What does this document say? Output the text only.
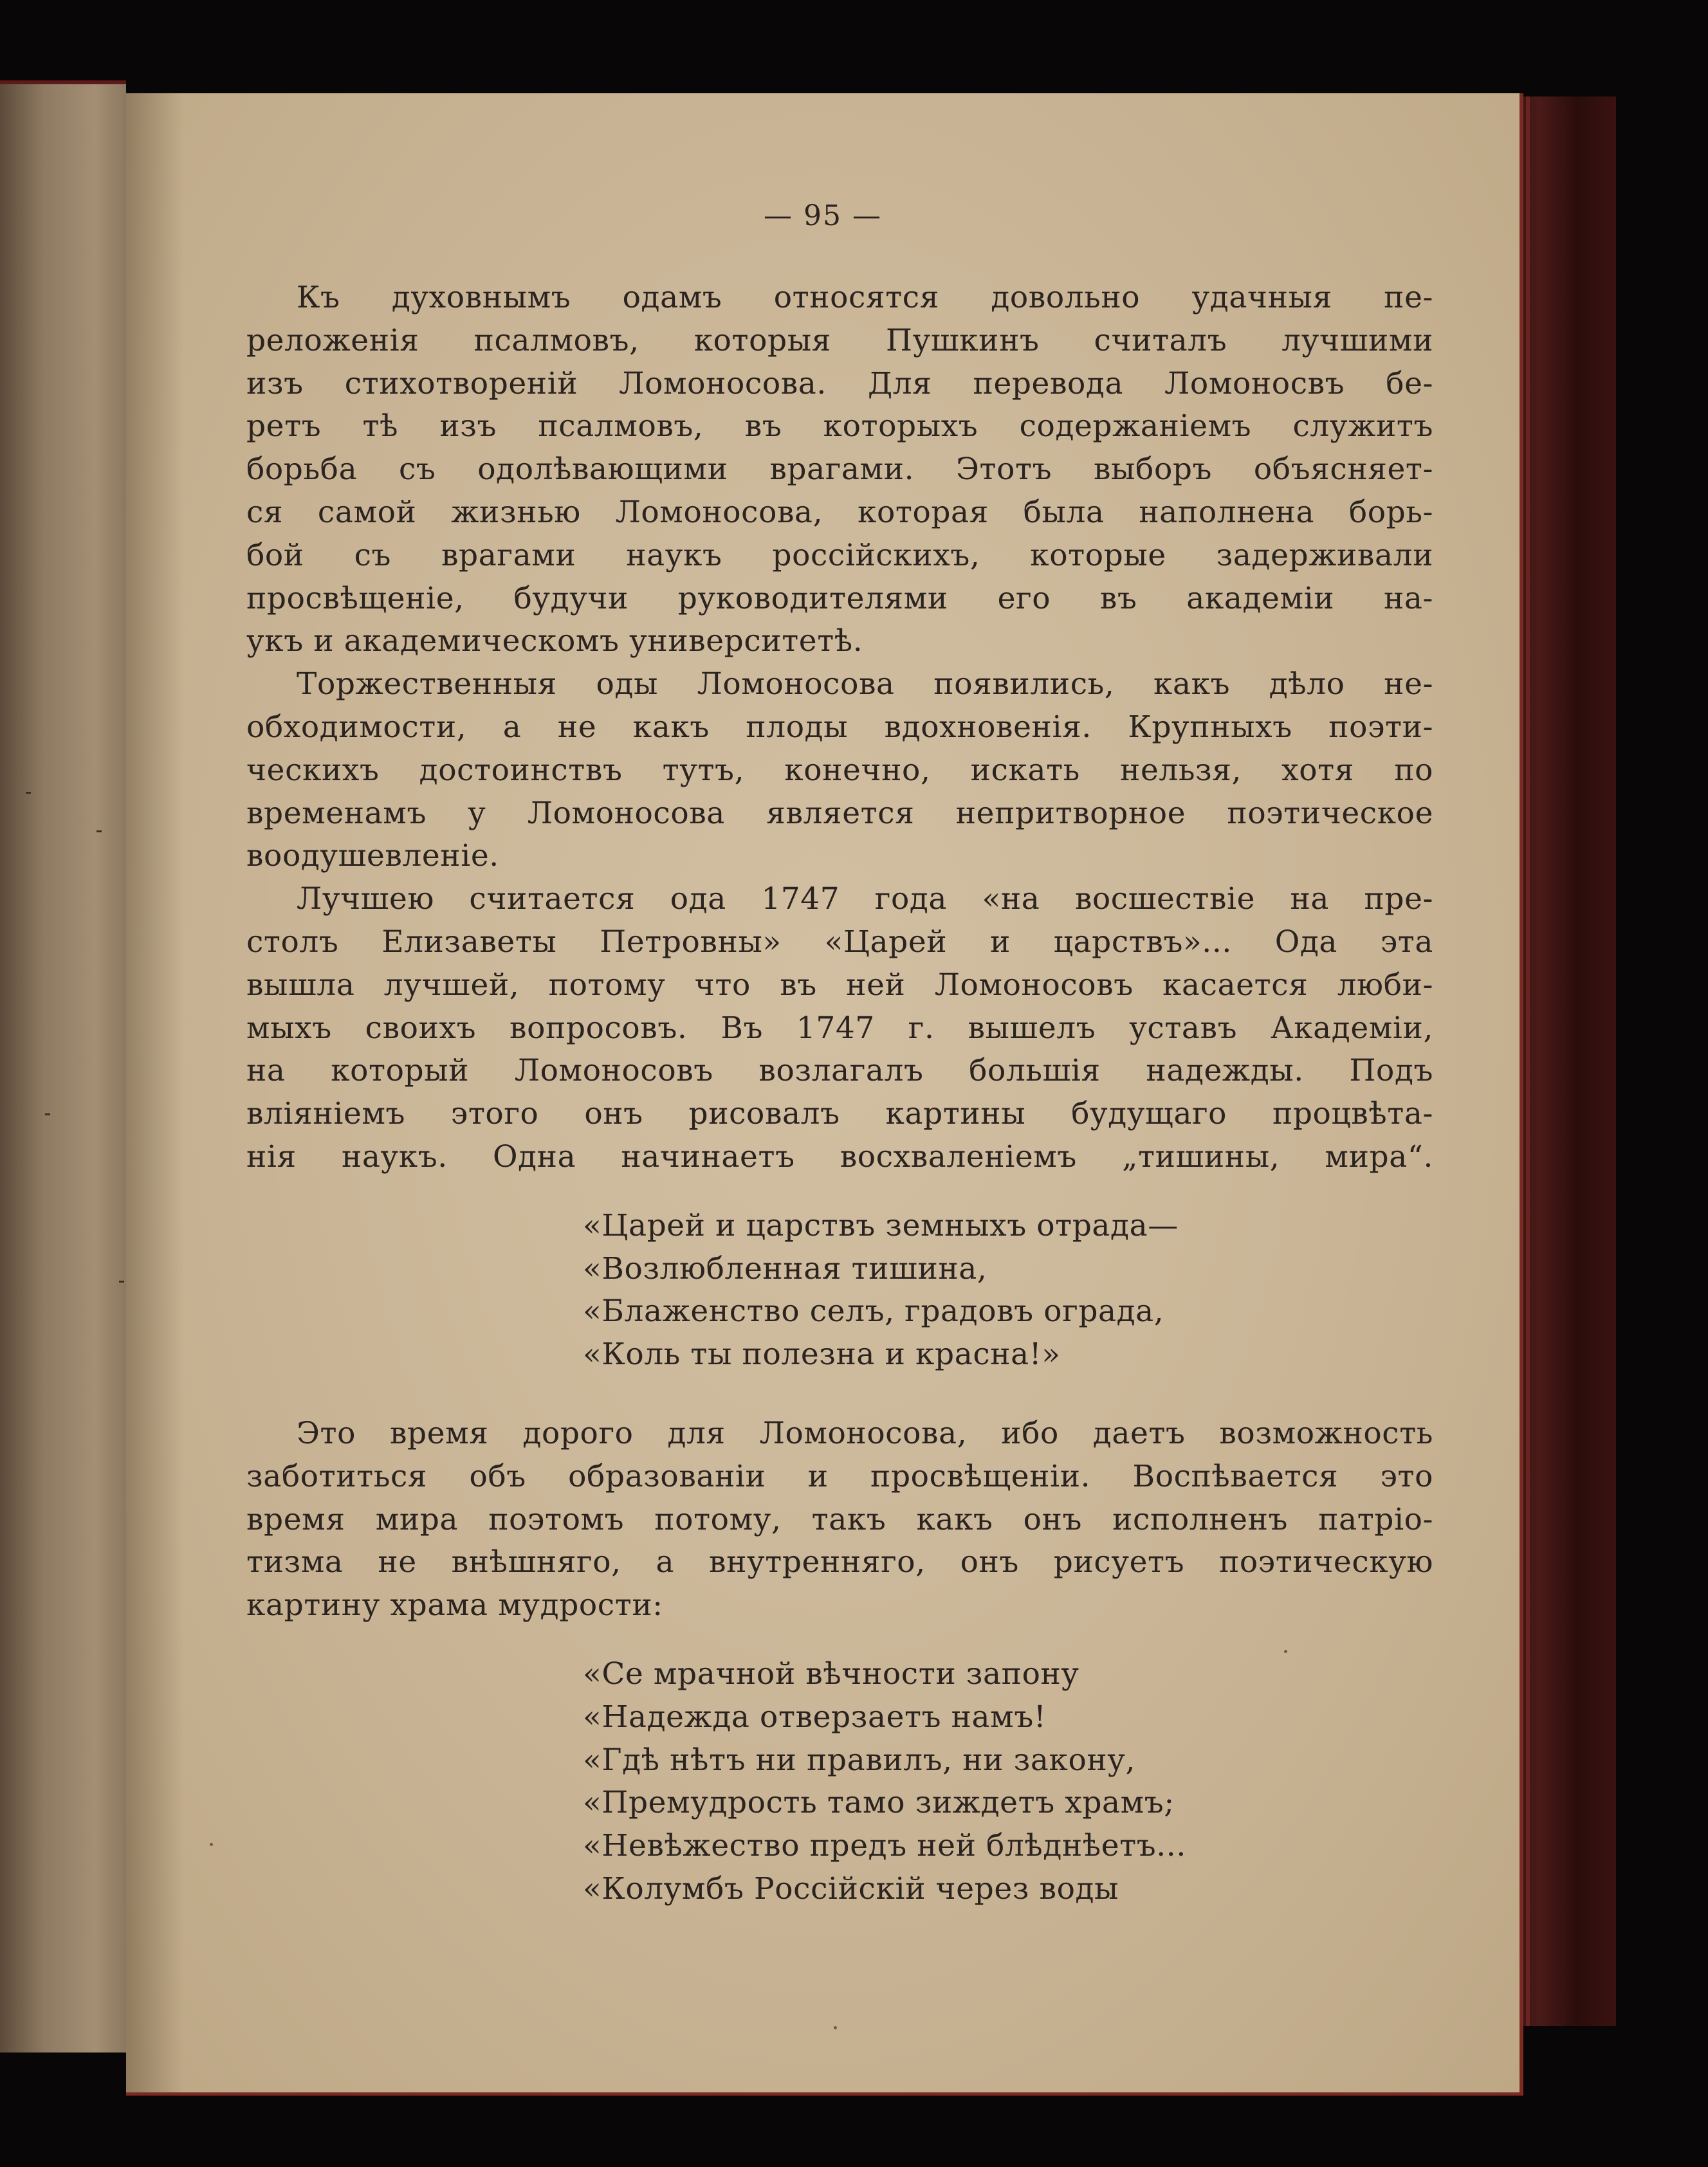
— 95 —
Къ духовнымъ одамъ относятся довольно удачныя пе-
реложенія псалмовъ, которыя Пушкинъ считалъ лучшими
изъ стихотвореній Ломоносова. Для перевода Ломоносвъ бе-
ретъ тѣ изъ псалмовъ, въ которыхъ содержаніемъ служитъ
борьба съ одолѣвающими врагами. Этотъ выборъ объясняет-
ся самой жизнью Ломоносова, которая была наполнена борь-
бой съ врагами наукъ россійскихъ, которые задерживали
просвѣщеніе, будучи руководителями его въ академіи на-
укъ и академическомъ университетѣ.
Торжественныя оды Ломоносова появились, какъ дѣло не-
обходимости, а не какъ плоды вдохновенія. Крупныхъ поэти-
ческихъ достоинствъ тутъ, конечно, искать нельзя, хотя по
временамъ у Ломоносова является непритворное поэтическое
воодушевленіе.
Лучшею считается ода 1747 года «на восшествіе на пре-
столъ Елизаветы Петровны» «Царей и царствъ»... Ода эта
вышла лучшей, потому что въ ней Ломоносовъ касается люби-
мыхъ своихъ вопросовъ. Въ 1747 г. вышелъ уставъ Академіи,
на который Ломоносовъ возлагалъ большія надежды. Подъ
вліяніемъ этого онъ рисовалъ картины будущаго процвѣта-
нія наукъ. Одна начинаетъ восхваленіемъ „тишины, мира“.
«Царей и царствъ земныхъ отрада—
«Возлюбленная тишина,
«Блаженство селъ, градовъ ограда,
«Коль ты полезна и красна!»
Это время дорого для Ломоносова, ибо даетъ возможность
заботиться объ образованіи и просвѣщеніи. Воспѣвается это
время мира поэтомъ потому, такъ какъ онъ исполненъ патріо-
тизма не внѣшняго, а внутренняго, онъ рисуетъ поэтическую
картину храма мудрости:
«Се мрачной вѣчности запону
«Надежда отверзаетъ намъ!
«Гдѣ нѣтъ ни правилъ, ни закону,
«Премудрость тамо зиждетъ храмъ;
«Невѣжество предъ ней блѣднѣетъ...
«Колумбъ Россійскій через воды
